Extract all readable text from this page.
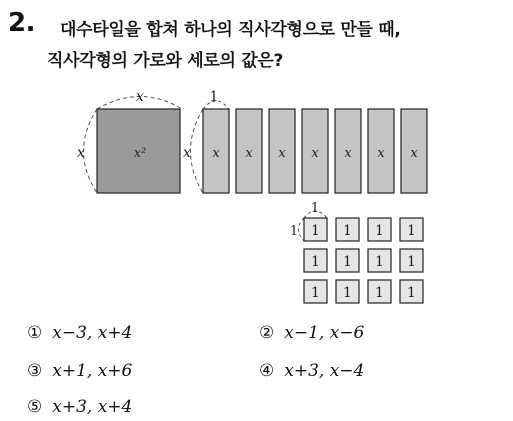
2. 대수타일을 합쳐 하나의 직사각형으로 만들 때,
직사각형의 가로와 세로의 값은?
x²
x
x
1
x x x x x x x x
1
1 1 1 1 1
1 1 1 1
1 1 1 1
① x−3, x+4	② x−1, x−6
③ x+1, x+6	④ x+3, x−4
⑤ x+3, x+4
